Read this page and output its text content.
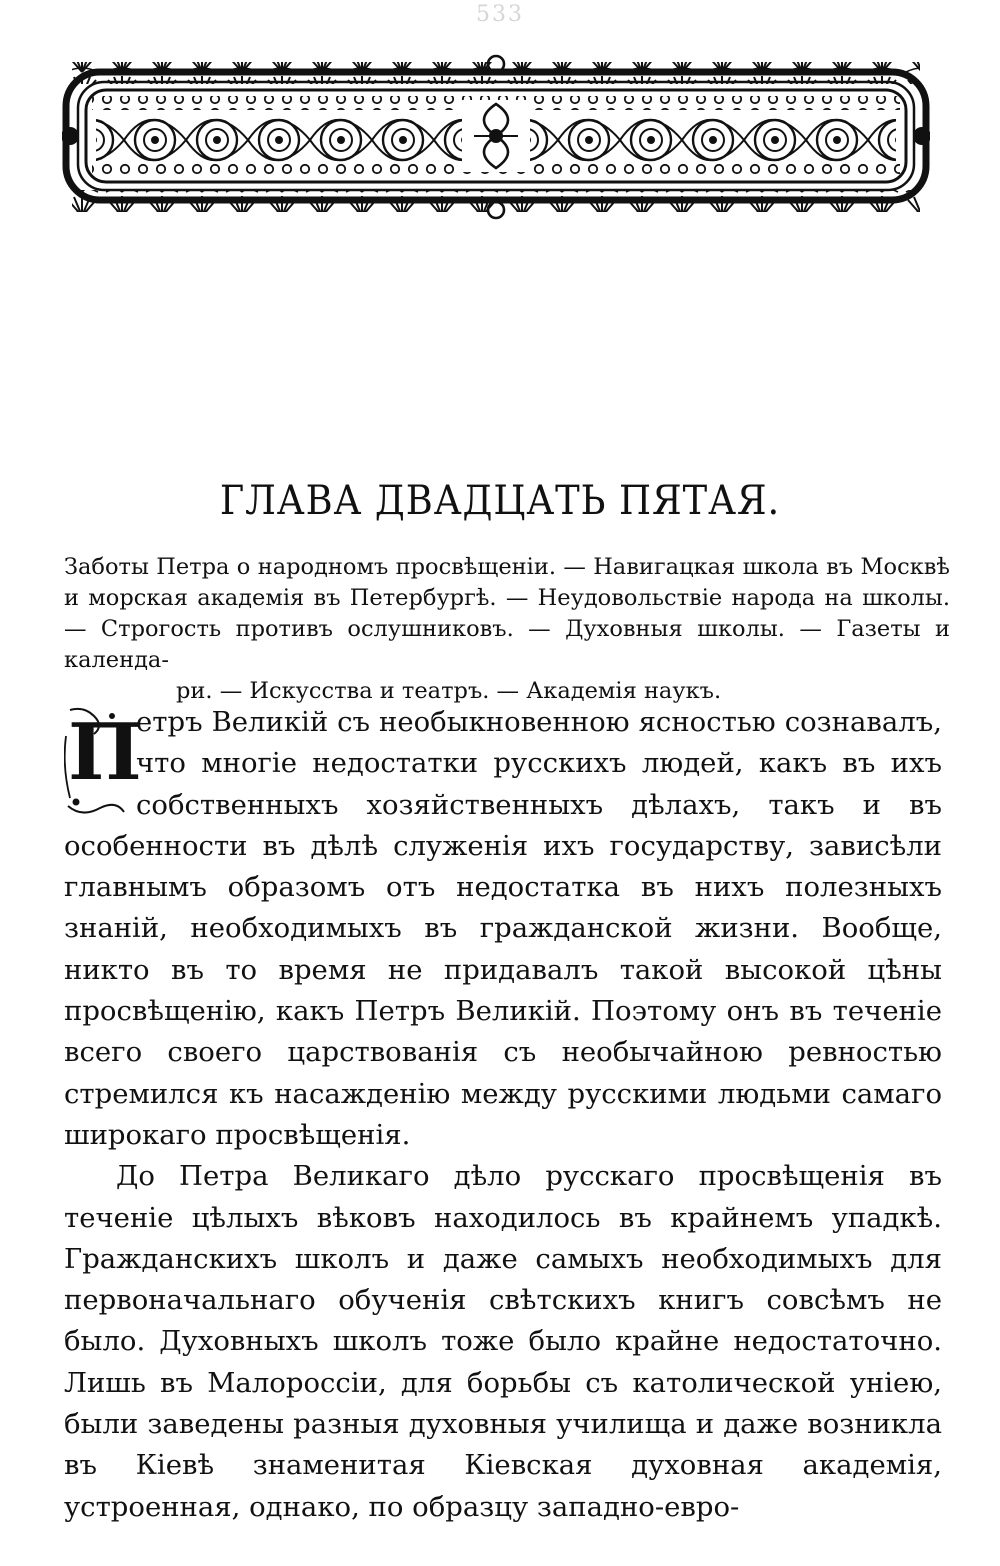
533
ГЛАВА ДВАДЦАТЬ ПЯТАЯ.
Заботы Петра о народномъ просвѣщеніи. — Навигацкая школа въ Москвѣ и морская академія въ Петербургѣ. — Неудовольствіе народа на школы. — Строгость противъ ослушниковъ. — Духовныя школы. — Газеты и календа-
ри. — Искусства и театръ. — Академія наукъ.

П
етръ Великій съ необыкновенною ясностью сознавалъ, что многіе недостатки русскихъ людей, какъ въ ихъ собственныхъ хозяйственныхъ дѣлахъ, такъ и въ особенности въ дѣлѣ служенія ихъ государству, зависѣли главнымъ образомъ отъ недостатка въ нихъ полезныхъ знаній, необходимыхъ въ гражданской жизни. Вообще, никто въ то время не придавалъ такой высокой цѣны просвѣщенію, какъ Петръ Великій. Поэтому онъ въ теченіе всего своего царствованія съ необычайною ревностью стремился къ насажденію между русскими людьми самаго широкаго просвѣщенія.

До Петра Великаго дѣло русскаго просвѣщенія въ теченіе цѣлыхъ вѣковъ находилось въ крайнемъ упадкѣ. Гражданскихъ школъ и даже самыхъ необходимыхъ для первоначальнаго обученія свѣтскихъ книгъ совсѣмъ не было. Духовныхъ школъ тоже было крайне недостаточно. Лишь въ Малороссіи, для борьбы съ католической уніею, были заведены разныя духовныя училища и даже возникла въ Кіевѣ знаменитая Кіевская духовная академія, устроенная, однако, по образцу западно-евро-
